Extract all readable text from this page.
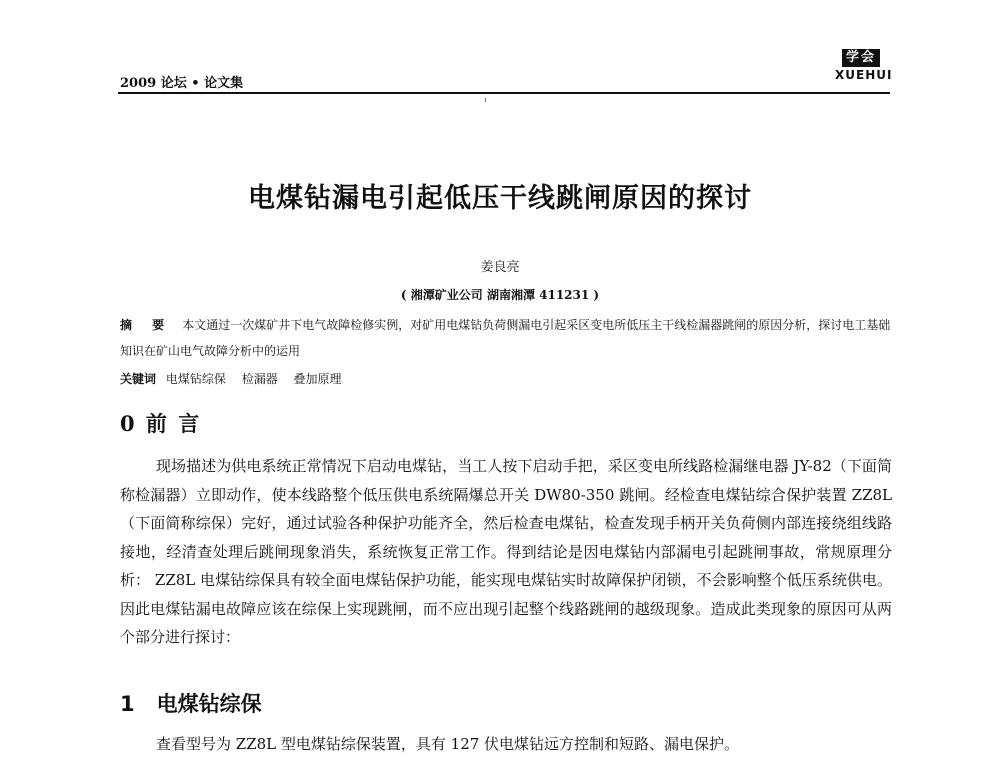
2009 论坛 • 论文集
学会
XUEHUI
电煤钻漏电引起低压干线跳闸原因的探讨
姜良亮
( 湘潭矿业公司 湖南湘潭 411231 )
摘 要 本文通过一次煤矿井下电气故障检修实例，对矿用电煤钻负荷侧漏电引起采区变电所低压主干线检漏器跳闸的原因分析，探讨电工基础知识在矿山电气故障分析中的运用
关键词 电煤钻综保 检漏器 叠加原理
0 前 言
现场描述为供电系统正常情况下启动电煤钻，当工人按下启动手把，采区变电所线路检漏继电器 JY-82（下面简称检漏器）立即动作，使本线路整个低压供电系统隔爆总开关 DW80-350 跳闸。经检查电煤钻综合保护装置 ZZ8L（下面简称综保）完好，通过试验各种保护功能齐全，然后检查电煤钻，检查发现手柄开关负荷侧内部连接绕组线路接地，经清查处理后跳闸现象消失，系统恢复正常工作。得到结论是因电煤钻内部漏电引起跳闸事故，常规原理分析： ZZ8L 电煤钻综保具有较全面电煤钻保护功能，能实现电煤钻实时故障保护闭锁，不会影响整个低压系统供电。因此电煤钻漏电故障应该在综保上实现跳闸，而不应出现引起整个线路跳闸的越级现象。造成此类现象的原因可从两个部分进行探讨：
1 电煤钻综保
查看型号为 ZZ8L 型电煤钻综保装置，具有 127 伏电煤钻远方控制和短路、漏电保护。
